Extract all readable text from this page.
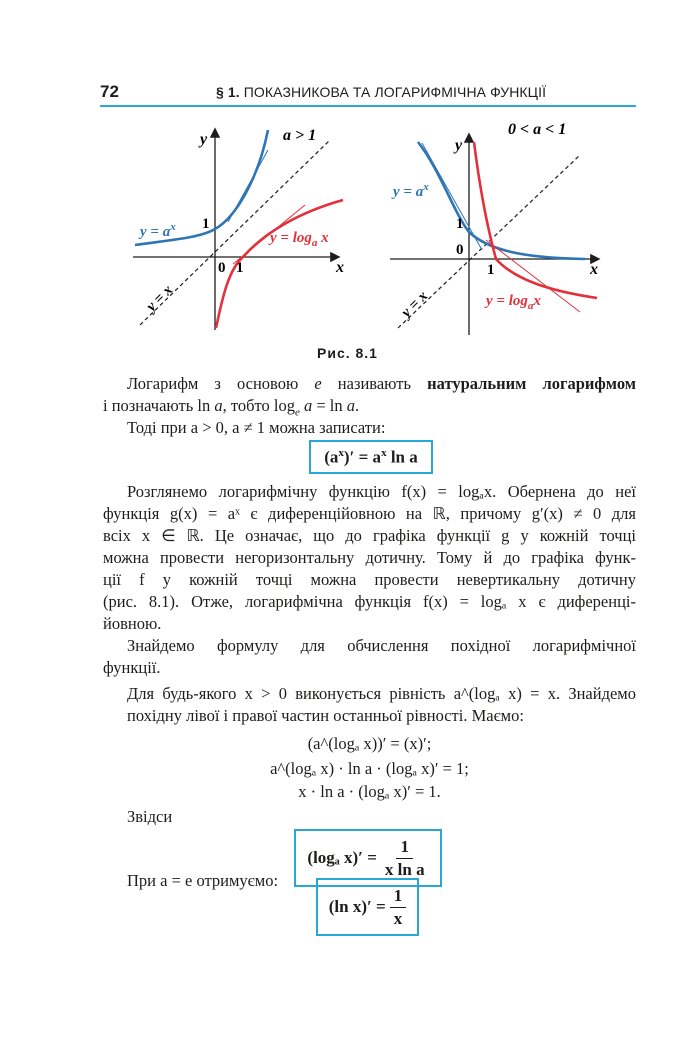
72	§ 1. ПОКАЗНИКОВА ТА ЛОГАРИФМІЧНА ФУНКЦІЇ
y
x
a > 1
1
0 1
$y = a^x$
$y = \log_a x$
y = x
y
x
0 < a < 1
1
0
1
$y = a^x$
$y = \log_ax$
y = x
Рис. 8.1
Логарифм з основою e називають натуральним логарифмом
і позначають ln a, тобто $\log_e a = \ln a$.
Тоді при a > 0, a ≠ 1 можна записати:
$(a^x)' = a^x$ ln a
Розглянемо логарифмічну функцію f(x) = logₐx. Обернена до неї
функція g(x) = aˣ є диференційовною на ℝ, причому g′(x) ≠ 0 для
всіх x ∈ ℝ. Це означає, що до графіка функції g у кожній точці
можна провести негоризонтальну дотичну. Тому й до графіка функ-
ції f у кожній точці можна провести невертикальну дотичну
(рис. 8.1). Отже, логарифмічна функція f(x) = logₐ x є диференці-
йовною.
Знайдемо формулу для обчислення похідної логарифмічної
функції.
Для будь-якого x > 0 виконується рівність a^(logₐ x) = x. Знайдемо
похідну лівої і правої частин останньої рівності. Маємо:
(a^(logₐ x))′ = (x)′;
a^(logₐ x) · ln a · (logₐ x)′ = 1;
x · ln a · (logₐ x)′ = 1.
Звідси
(logₐ $x)' = \frac{1}{\text{x ln a}}$
При a = e отримуємо:
(ln $x)' = \frac{1}{x}$
